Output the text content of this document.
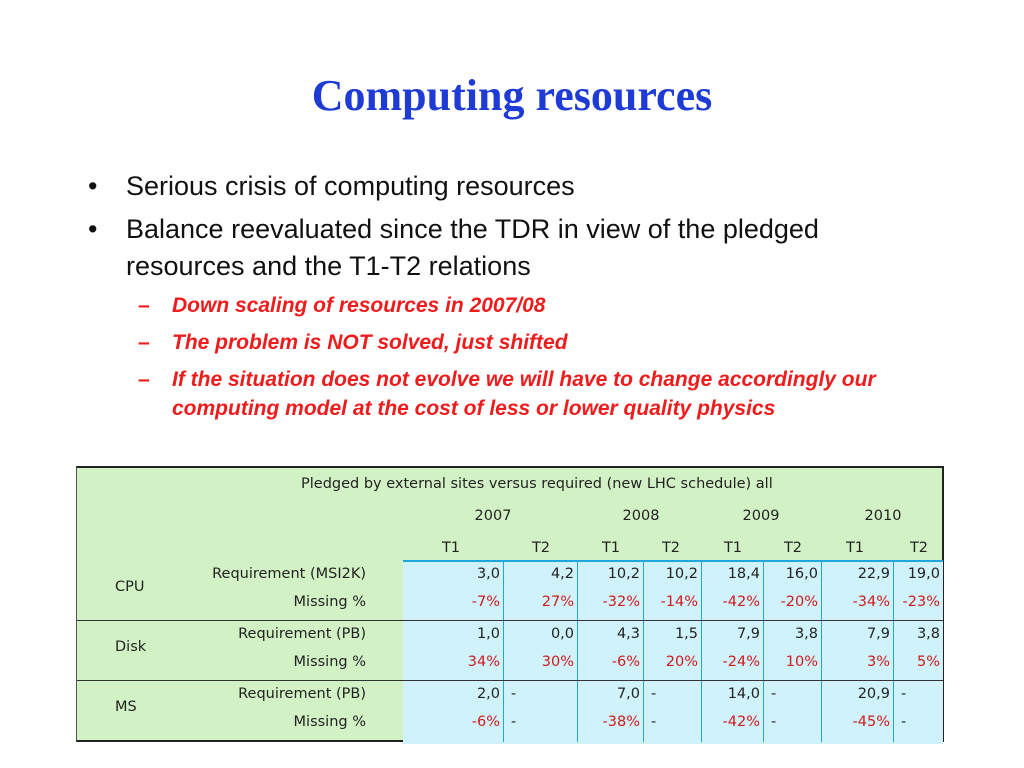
Computing resources
• Serious crisis of computing resources
• Balance reevaluated since the TDR in view of the pledged resources and the T1-T2 relations
– Down scaling of resources in 2007/08
– The problem is NOT solved, just shifted
– If the situation does not evolve we will have to change accordingly our computing model at the cost of less or lower quality physics
Pledged by external sites versus required (new LHC schedule) all
2007	2008	2009	2010
T1	T2	T1	T2	T1	T2	T1	T2
CPU
Requirement (MSI2K)	3,0	4,2	10,2	10,2	18,4	16,0	22,9	19,0
Missing %	-7%	27%	-32%	-14%	-42%	-20%	-34% -23%
Disk
Requirement (PB)	1,0	0,0	4,3	1,5	7,9	3,8	7,9	3,8
Missing %	34%	30%	-6%	20%	-24%	10%	3%	5%
MS
Requirement (PB)	2,0 -	7,0 -	14,0 -	20,9 -
Missing %	-6% -	-38% -	-42% -	-45% -
